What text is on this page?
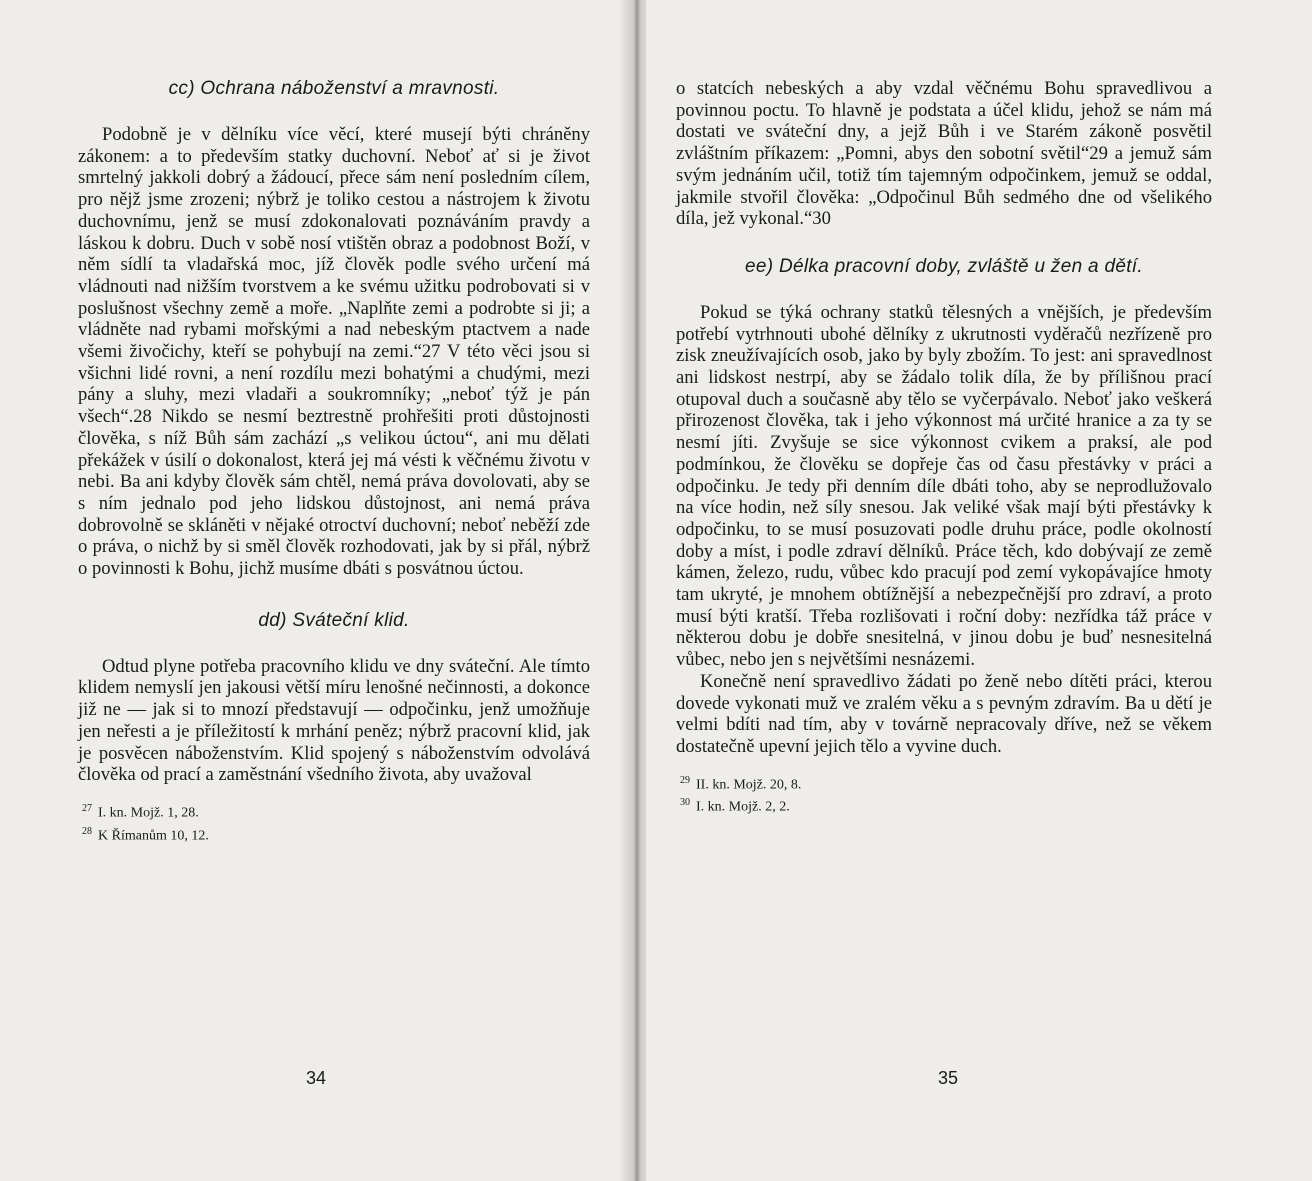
cc) Ochrana náboženství a mravnosti.

Podobně je v dělníku více věcí, které musejí býti chráněny zákonem: a to především statky duchovní. Neboť ať si je život smrtelný jakkoli dobrý a žádoucí, přece sám není posledním cílem, pro nějž jsme zrozeni; nýbrž je toliko cestou a nástrojem k životu duchovnímu, jenž se musí zdokonalovati poznáváním pravdy a láskou k dobru. Duch v sobě nosí vtištěn obraz a podobnost Boží, v něm sídlí ta vladařská moc, jíž člověk podle svého určení má vládnouti nad nižším tvorstvem a ke svému užitku podrobovati si v poslušnost všechny země a moře. „Naplňte zemi a podrobte si ji; a vládněte nad rybami mořskými a nad nebeským ptactvem a nade všemi živočichy, kteří se pohybují na zemi.“27 V této věci jsou si všichni lidé rovni, a není rozdílu mezi bohatými a chudými, mezi pány a sluhy, mezi vladaři a soukromníky; „neboť týž je pán všech“.28 Nikdo se nesmí beztrestně prohřešiti proti důstojnosti člověka, s níž Bůh sám zachází „s velikou úctou“, ani mu dělati překážek v úsilí o dokonalost, která jej má vésti k věčnému životu v nebi. Ba ani kdyby člověk sám chtěl, nemá práva dovolovati, aby se s ním jednalo pod jeho lidskou důstojnost, ani nemá práva dobrovolně se skláněti v nějaké otroctví duchovní; neboť neběží zde o práva, o nichž by si směl člověk rozhodovati, jak by si přál, nýbrž o povinnosti k Bohu, jichž musíme dbáti s posvátnou úctou.

dd) Sváteční klid.

Odtud plyne potřeba pracovního klidu ve dny sváteční. Ale tímto klidem nemyslí jen jakousi větší míru lenošné nečinnosti, a dokonce již ne — jak si to mnozí představují — odpočinku, jenž umožňuje jen neřesti a je příležitostí k mrhání peněz; nýbrž pracovní klid, jak je posvěcen náboženstvím. Klid spojený s náboženstvím odvolává člověka od prací a zaměstnání všedního života, aby uvažoval

$^{27}$ I. kn. Mojž. 1, 28.
$^{28}$ K Římanům 10, 12.
34

o statcích nebeských a aby vzdal věčnému Bohu spravedlivou a povinnou poctu. To hlavně je podstata a účel klidu, jehož se nám má dostati ve sváteční dny, a jejž Bůh i ve Starém zákoně posvětil zvláštním příkazem: „Pomni, abys den sobotní světil“29 a jemuž sám svým jednáním učil, totiž tím tajemným odpočinkem, jemuž se oddal, jakmile stvořil člověka: „Odpočinul Bůh sedmého dne od všelikého díla, jež vykonal.“30

ee) Délka pracovní doby, zvláště u žen a dětí.

Pokud se týká ochrany statků tělesných a vnějších, je především potřebí vytrhnouti ubohé dělníky z ukrutnosti vyděračů nezřízeně pro zisk zneužívajících osob, jako by byly zbožím. To jest: ani spravedlnost ani lidskost nestrpí, aby se žádalo tolik díla, že by přílišnou prací otupoval duch a současně aby tělo se vyčerpávalo. Neboť jako veškerá přirozenost člověka, tak i jeho výkonnost má určité hranice a za ty se nesmí jíti. Zvyšuje se sice výkonnost cvikem a praksí, ale pod podmínkou, že člověku se dopřeje čas od času přestávky v práci a odpočinku. Je tedy při denním díle dbáti toho, aby se neprodlužovalo na více hodin, než síly snesou. Jak veliké však mají býti přestávky k odpočinku, to se musí posuzovati podle druhu práce, podle okolností doby a míst, i podle zdraví dělníků. Práce těch, kdo dobývají ze země kámen, železo, rudu, vůbec kdo pracují pod zemí vykopávajíce hmoty tam ukryté, je mnohem obtížnější a nebezpečnější pro zdraví, a proto musí býti kratší. Třeba rozlišovati i roční doby: nezřídka táž práce v některou dobu je dobře snesitelná, v jinou dobu je buď nesnesitelná vůbec, nebo jen s největšími nesnázemi.

Konečně není spravedlivo žádati po ženě nebo dítěti práci, kterou dovede vykonati muž ve zralém věku a s pevným zdravím. Ba u dětí je velmi bdíti nad tím, aby v továrně nepracovaly dříve, než se věkem dostatečně upevní jejich tělo a vyvine duch.

$^{29}$ II. kn. Mojž. 20, 8.
$^{30}$ I. kn. Mojž. 2, 2.
35
